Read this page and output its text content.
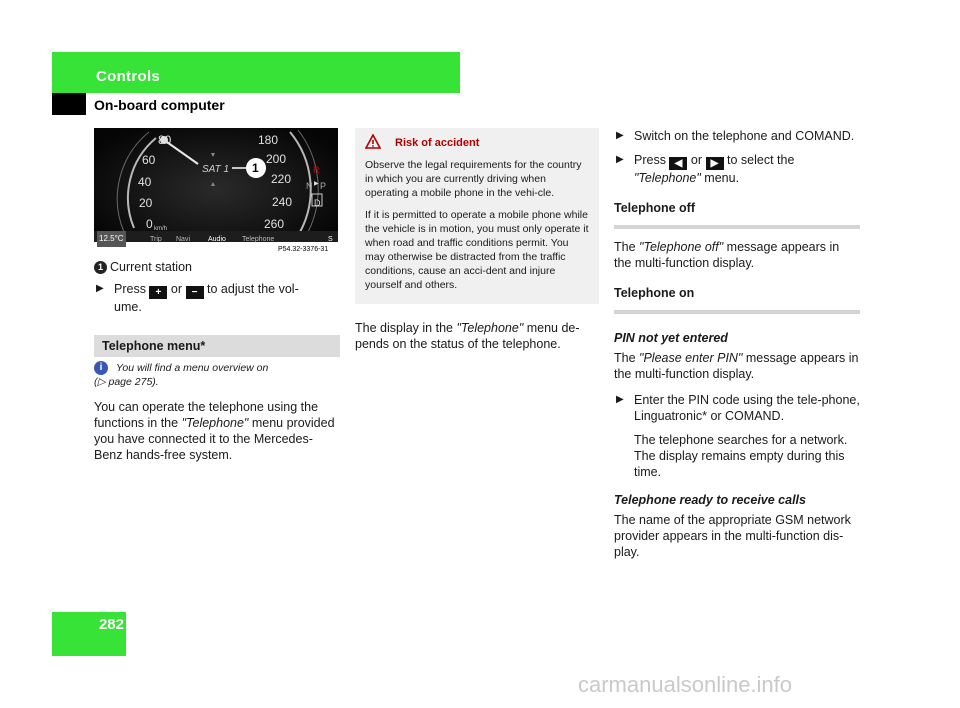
Controls
On-board computer
60
40
20
0 km/h
80	180
200
220
240
260
SAT 1 1	R
N P
D
▶
12.5°C	Trip Navi	Audio Telephone	S
P54.32-3376-31
1 Current station
▶ Press + or − to adjust the vol-
ume.
Telephone menu*
i	You will find a menu overview on
(▷ page 275).

You can operate the telephone using the functions in the "Telephone" menu provided you have connected it to the Mercedes-Benz hands-free system.

Risk of accident

Observe the legal requirements for the country in which you are currently driving when operating a mobile phone in the vehi-cle.

If it is permitted to operate a mobile phone while the vehicle is in motion, you must only operate it when road and traffic conditions permit. You may otherwise be distracted from the traffic conditions, cause an acci-dent and injure yourself and others.

The display in the "Telephone" menu de-pends on the status of the telephone.

▶ Switch on the telephone and COMAND.
▶ Press ◀ or ▶ to select the
"Telephone" menu.
Telephone off

The "Telephone off" message appears in the multi-function display.

Telephone on
PIN not yet entered

The "Please enter PIN" message appears in the multi-function display.

▶ Enter the PIN code using the tele-phone, Linguatronic* or COMAND.
The telephone searches for a network. The display remains empty during this time.
Telephone ready to receive calls

The name of the appropriate GSM network provider appears in the multi-function dis-play.

282
carmanualsonline.info
